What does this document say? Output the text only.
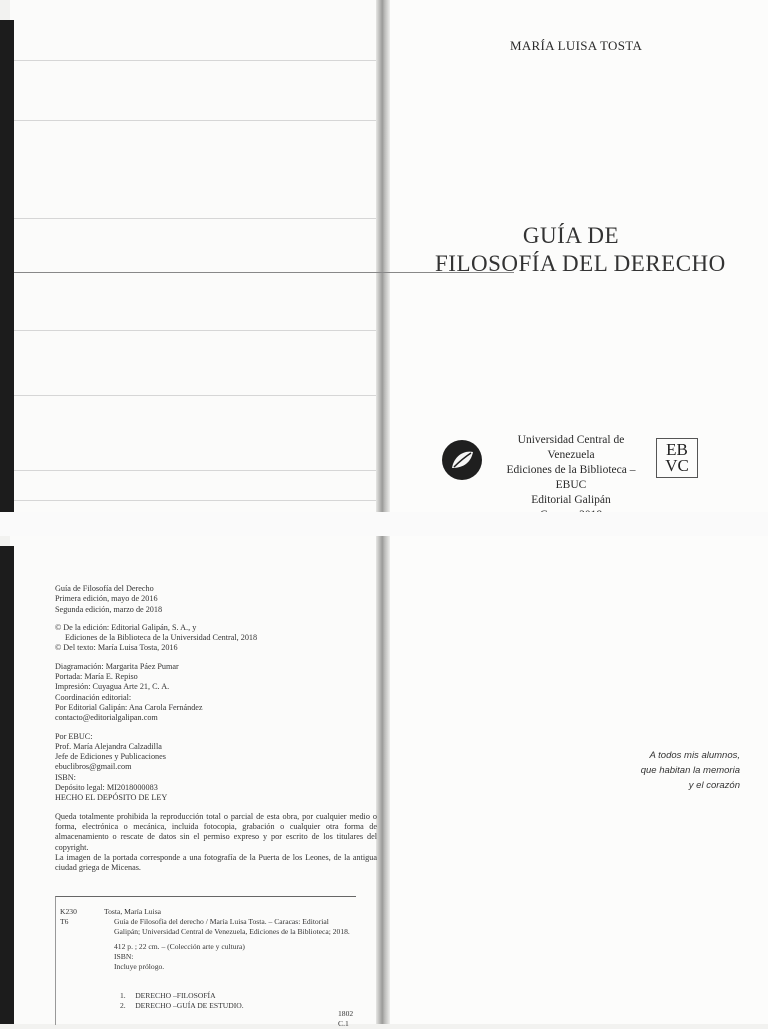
MARÍA LUISA TOSTA
GUÍA DE
FILOSOFÍA DEL DERECHO
Universidad Central de Venezuela
Ediciones de la Biblioteca – EBUC
Editorial Galipán
EB VC
Guía de Filosofía del Derecho
Primera edición, mayo de 2016
Segunda edición, marzo de 2018
© De la edición: Editorial Galipán, S. A., y
Ediciones de la Biblioteca de la Universidad Central, 2018
© Del texto: María Luisa Tosta, 2016
Diagramación: Margarita Páez Pumar
Portada: María E. Repiso
Impresión: Cuyagua Arte 21, C. A.
Coordinación editorial:
Por Editorial Galipán: Ana Carola Fernández
contacto@editorialgalipan.com
Por EBUC:
Prof. María Alejandra Calzadilla
Jefe de Ediciones y Publicaciones
ebuclibros@gmail.com
ISBN:
Depósito legal: MI2018000083
HECHO EL DEPÓSITO DE LEY
Queda totalmente prohibida la reproducción total o parcial de esta obra, por cualquier medio o forma, electrónica o mecánica, incluida fotocopia, grabación o cualquier otra forma de almacenamiento o rescate de datos sin el permiso expreso y por escrito de los titulares del copyright.
La imagen de la portada corresponde a una fotografía de la Puerta de los Leones, de la antigua ciudad griega de Micenas.
K230
T6
Tosta, María Luisa
Guía de Filosofía del derecho / María Luisa Tosta. – Caracas: Editorial Galipán; Universidad Central de Venezuela, Ediciones de la Biblioteca; 2018.
412 p. ; 22 cm. – (Colección arte y cultura)
ISBN:
Incluye prólogo.
1.     DERECHO –FILOSOFÍA
2.     DERECHO –GUÍA DE ESTUDIO.
1802 C.1
A todos mis alumnos,
que habitan la memoria
y el corazón
